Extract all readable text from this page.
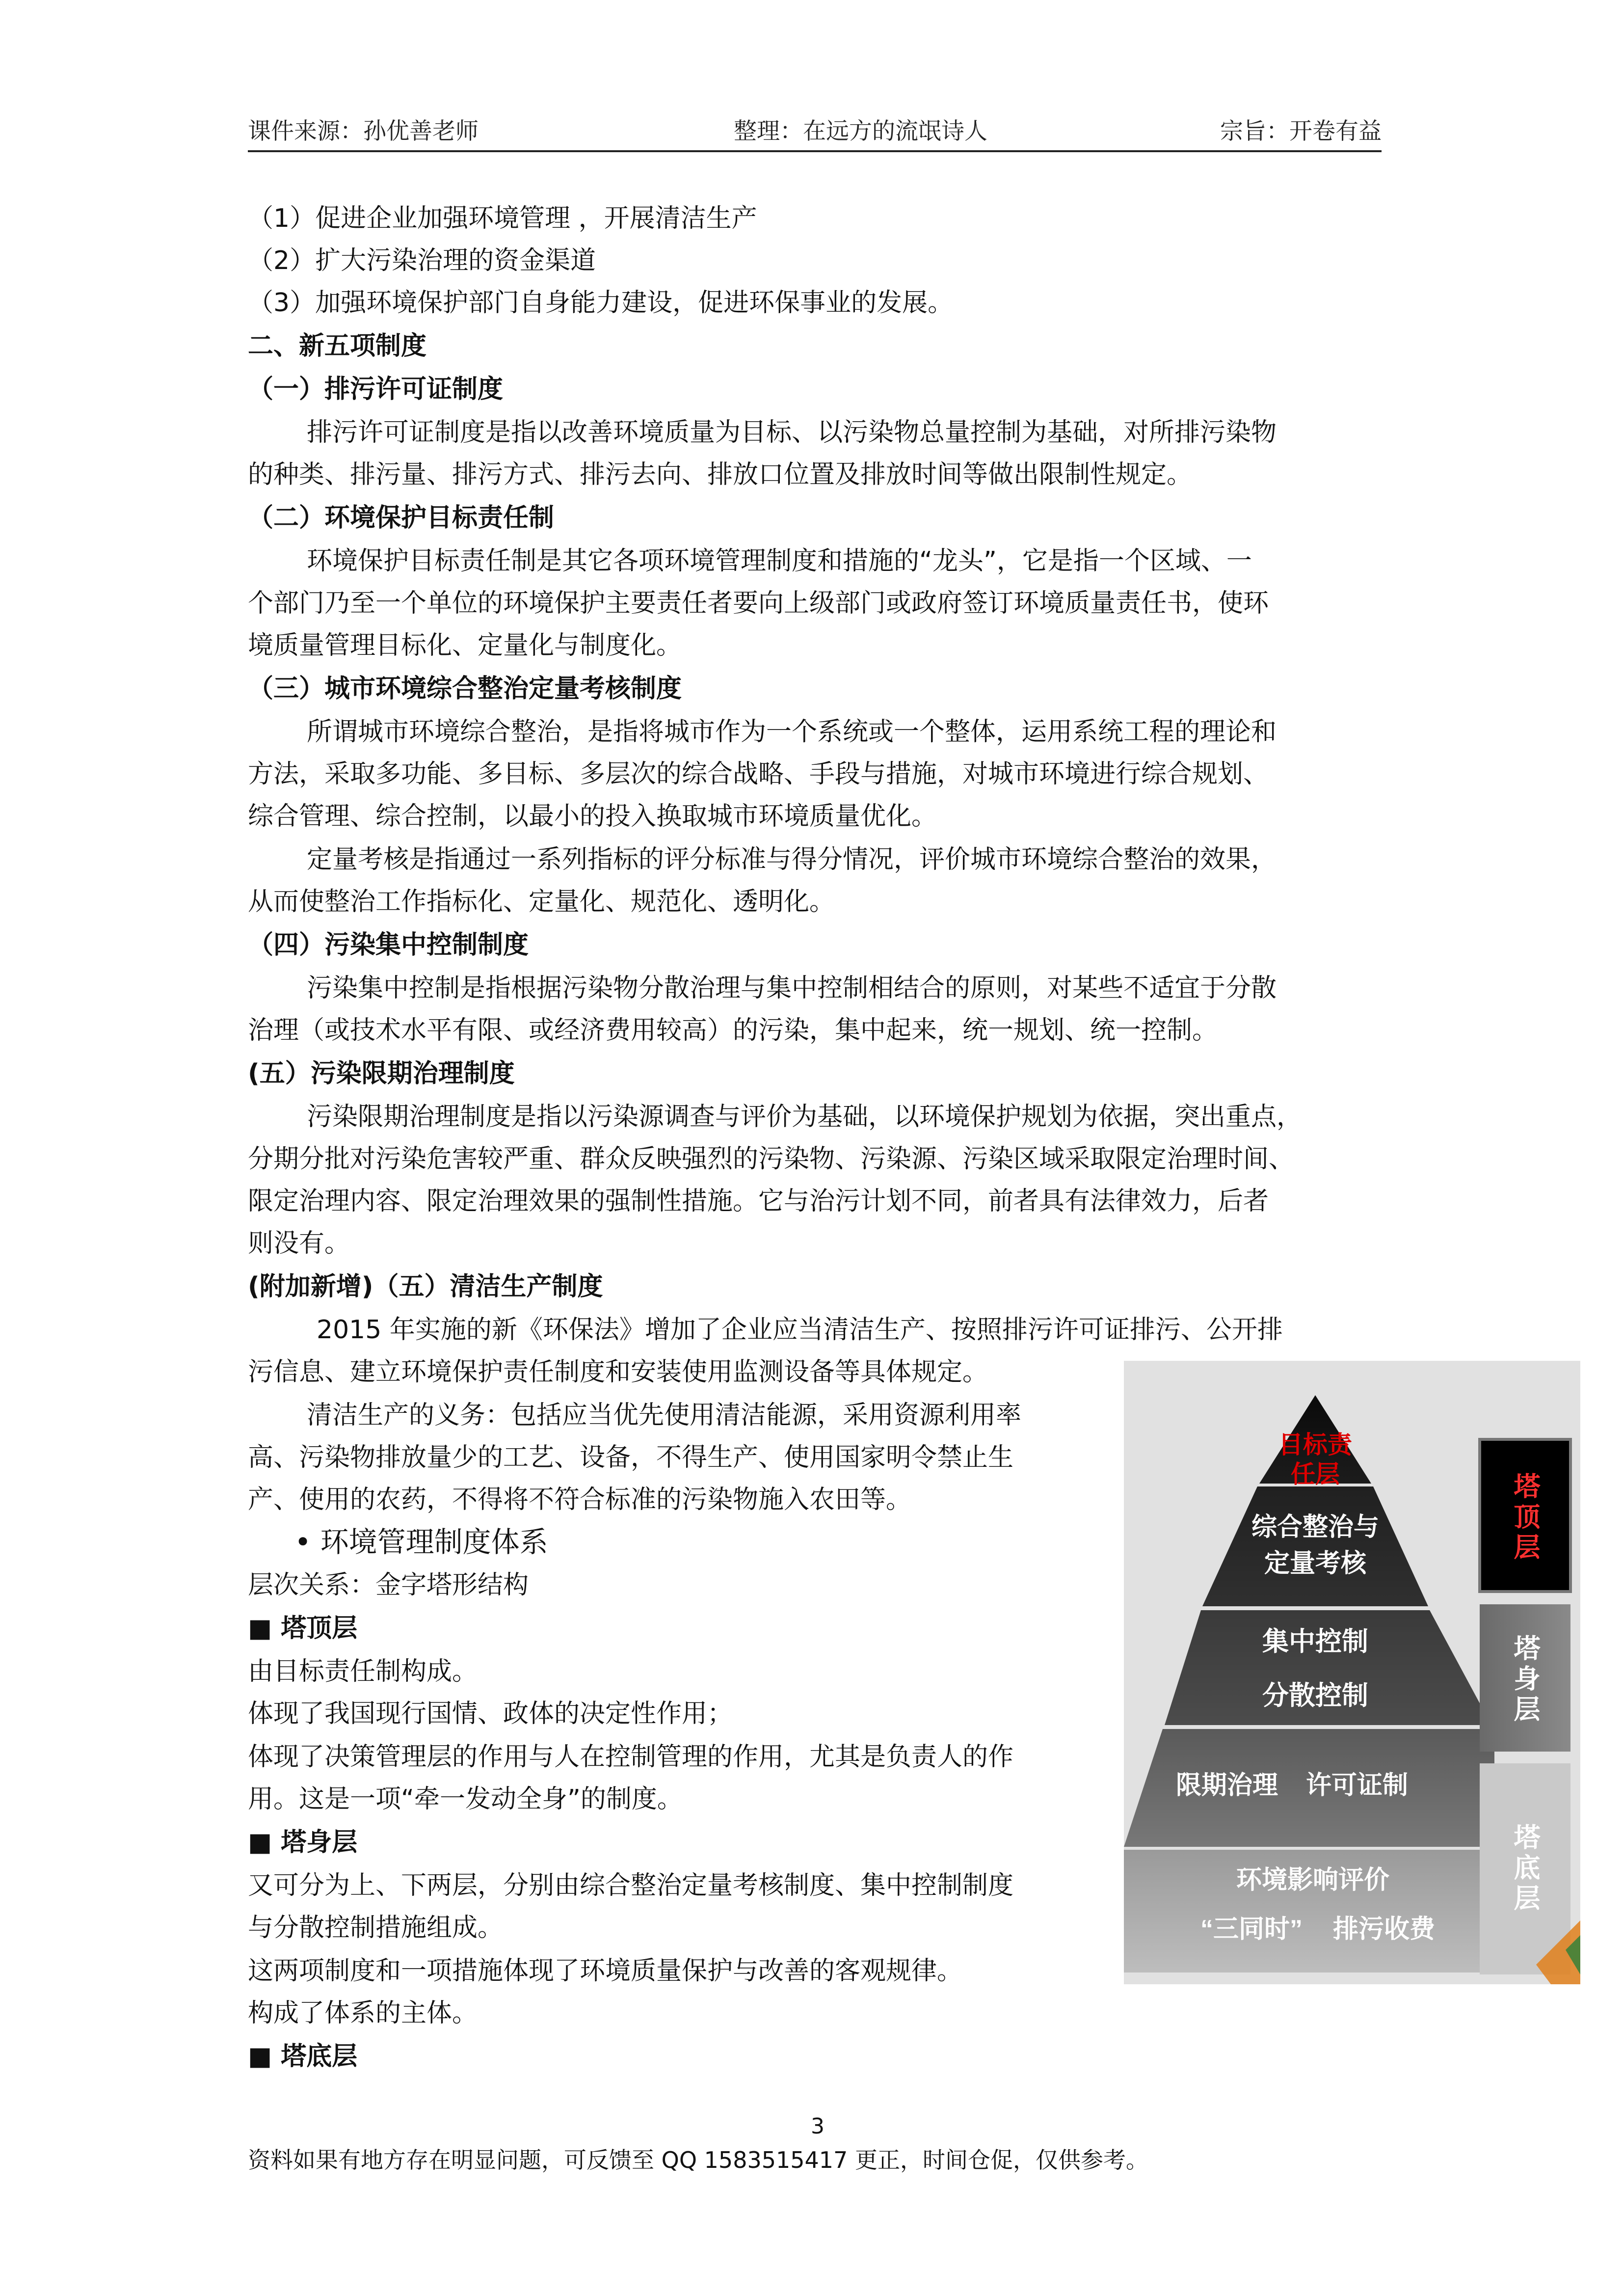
课件来源：孙优善老师	整理：在远方的流氓诗人	宗旨：开卷有益
（1）促进企业加强环境管理 ，开展清洁生产
（2）扩大污染治理的资金渠道
（3）加强环境保护部门自身能力建设，促进环保事业的发展。
二、新五项制度
（一）排污许可证制度
排污许可证制度是指以改善环境质量为目标、以污染物总量控制为基础，对所排污染物
的种类、排污量、排污方式、排污去向、排放口位置及排放时间等做出限制性规定。
（二）环境保护目标责任制
环境保护目标责任制是其它各项环境管理制度和措施的“龙头”，它是指一个区域、一
个部门乃至一个单位的环境保护主要责任者要向上级部门或政府签订环境质量责任书，使环
境质量管理目标化、定量化与制度化。
（三）城市环境综合整治定量考核制度
所谓城市环境综合整治，是指将城市作为一个系统或一个整体，运用系统工程的理论和
方法，采取多功能、多目标、多层次的综合战略、手段与措施，对城市环境进行综合规划、
综合管理、综合控制，以最小的投入换取城市环境质量优化。
定量考核是指通过一系列指标的评分标准与得分情况，评价城市环境综合整治的效果，
从而使整治工作指标化、定量化、规范化、透明化。
（四）污染集中控制制度
污染集中控制是指根据污染物分散治理与集中控制相结合的原则，对某些不适宜于分散
治理（或技术水平有限、或经济费用较高）的污染，集中起来，统一规划、统一控制。
(五）污染限期治理制度
污染限期治理制度是指以污染源调查与评价为基础，以环境保护规划为依据，突出重点，
分期分批对污染危害较严重、群众反映强烈的污染物、污染源、污染区域采取限定治理时间、
限定治理内容、限定治理效果的强制性措施。它与治污计划不同，前者具有法律效力，后者
则没有。
(附加新增)（五）清洁生产制度
2015 年实施的新《环保法》增加了企业应当清洁生产、按照排污许可证排污、公开排
污信息、建立环境保护责任制度和安装使用监测设备等具体规定。
清洁生产的义务：包括应当优先使用清洁能源，采用资源利用率
高、污染物排放量少的工艺、设备，不得生产、使用国家明令禁止生
产、使用的农药，不得将不符合标准的污染物施入农田等。
• 环境管理制度体系
层次关系：金字塔形结构
■ 塔顶层
由目标责任制构成。
体现了我国现行国情、政体的决定性作用；
体现了决策管理层的作用与人在控制管理的作用，尤其是负责人的作
用。这是一项“牵一发动全身”的制度。
■ 塔身层
又可分为上、下两层，分别由综合整治定量考核制度、集中控制制度
与分散控制措施组成。
这两项制度和一项措施体现了环境质量保护与改善的客观规律。
构成了体系的主体。
■ 塔底层
目标责
任层
综合整治与
定量考核
集中控制
分散控制
限期治理 许可证制
环境影响评价
“三同时” 排污收费
塔顶层
塔身层
塔底层
3
资料如果有地方存在明显问题，可反馈至 QQ 1583515417 更正，时间仓促，仅供参考。
